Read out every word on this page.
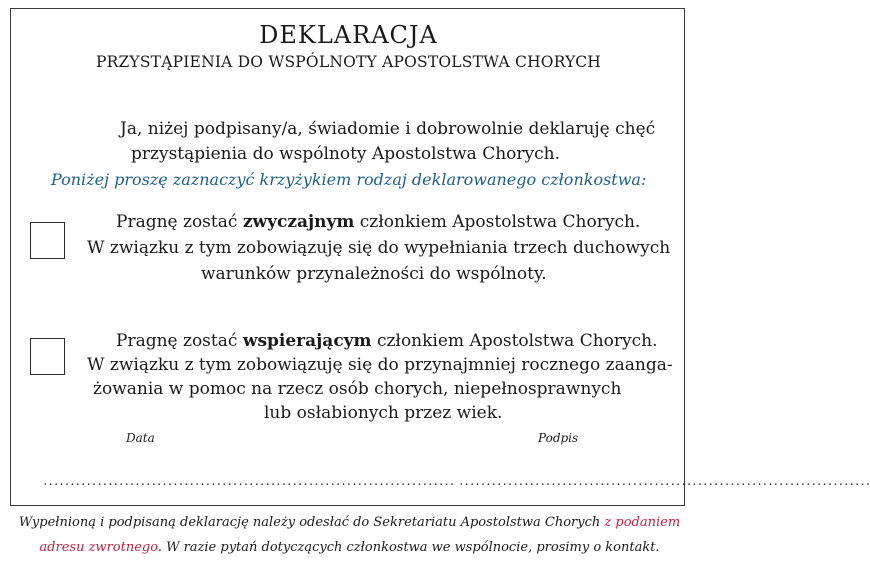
DEKLARACJA
PRZYSTĄPIENIA DO WSPÓLNOTY APOSTOLSTWA CHORYCH
Ja, niżej podpisany/a, świadomie i dobrowolnie deklaruję chęć
przystąpienia do wspólnoty Apostolstwa Chorych.
Poniżej proszę zaznaczyć krzyżykiem rodzaj deklarowanego członkostwa:
Pragnę zostać zwyczajnym członkiem Apostolstwa Chorych.
W związku z tym zobowiązuję się do wypełniania trzech duchowych
warunków przynależności do wspólnoty.
Pragnę zostać wspierającym członkiem Apostolstwa Chorych.
W związku z tym zobowiązuję się do przynajmniej rocznego zaanga-
żowania w pomoc na rzecz osób chorych, niepełnosprawnych
lub osłabionych przez wiek.
Data	Podpis
............................................................................ ............................................................................
Wypełnioną i podpisaną deklarację należy odesłać do Sekretariatu Apostolstwa Chorych z podaniem
adresu zwrotnego. W razie pytań dotyczących członkostwa we wspólnocie, prosimy o kontakt.
